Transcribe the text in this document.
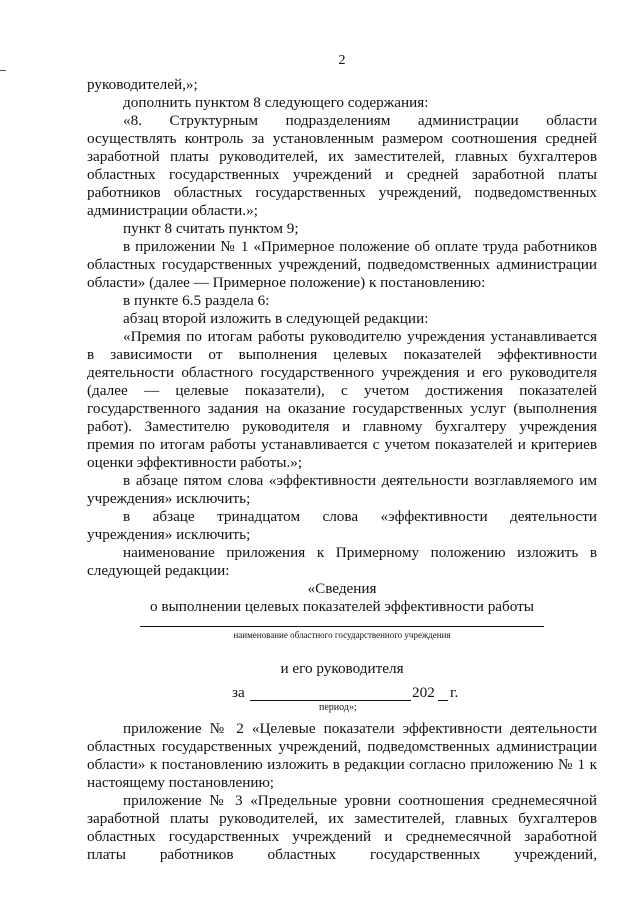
2
руководителей,»;
дополнить пунктом 8 следующего содержания:
«8. Структурным подразделениям администрации области
осуществлять контроль за установленным размером соотношения средней
заработной платы руководителей, их заместителей, главных бухгалтеров
областных государственных учреждений и средней заработной платы
работников областных государственных учреждений, подведомственных
администрации области.»;
пункт 8 считать пунктом 9;
в приложении № 1 «Примерное положение об оплате труда работников
областных государственных учреждений, подведомственных администрации
области» (далее — Примерное положение) к постановлению:
в пункте 6.5 раздела 6:
абзац второй изложить в следующей редакции:
«Премия по итогам работы руководителю учреждения устанавливается
в зависимости от выполнения целевых показателей эффективности
деятельности областного государственного учреждения и его руководителя
(далее — целевые показатели), с учетом достижения показателей
государственного задания на оказание государственных услуг (выполнения
работ). Заместителю руководителя и главному бухгалтеру учреждения
премия по итогам работы устанавливается с учетом показателей и критериев
оценки эффективности работы.»;
в абзаце пятом слова «эффективности деятельности возглавляемого им
учреждения» исключить;
в абзаце тринадцатом слова «эффективности деятельности
учреждения» исключить;
наименование приложения к Примерному положению изложить в
следующей редакции:
«Сведения
о выполнении целевых показателей эффективности работы
наименование областного государственного учреждения
и его руководителя
за	202	г.
период»;
приложение № 2 «Целевые показатели эффективности деятельности
областных государственных учреждений, подведомственных администрации
области» к постановлению изложить в редакции согласно приложению № 1 к
настоящему постановлению;
приложение № 3 «Предельные уровни соотношения среднемесячной
заработной платы руководителей, их заместителей, главных бухгалтеров
областных государственных учреждений и среднемесячной заработной
платы работников областных государственных учреждений,
